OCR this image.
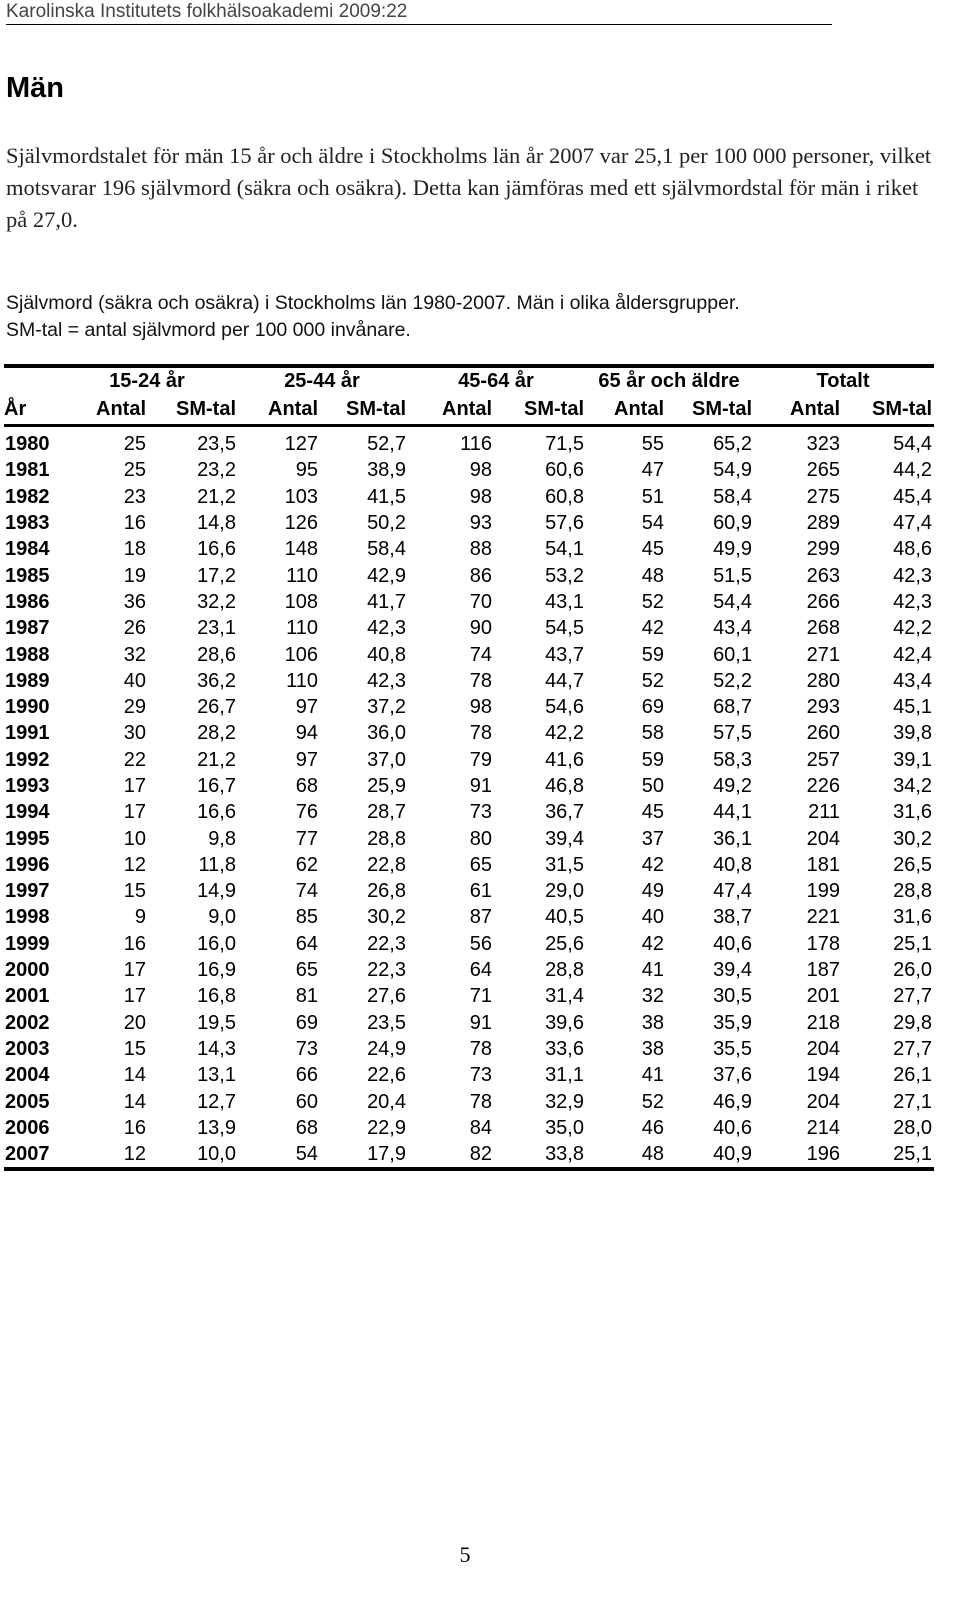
Karolinska Institutets folkhälsoakademi 2009:22
Män

Självmordstalet för män 15 år och äldre i Stockholms län år 2007 var 25,1 per 100 000 personer, vilket motsvarar 196 självmord (säkra och osäkra). Detta kan jämföras med ett självmordstal för män i riket på 27,0.

Självmord (säkra och osäkra) i Stockholms län 1980-2007. Män i olika åldersgrupper.
SM-tal = antal självmord per 100 000 invånare.
	15-24 år		25-44 år		45-64 år		65 år och äldre		Totalt	
År	Antal	SM-tal	Antal	SM-tal	Antal	SM-tal	Antal	SM-tal	Antal	SM-tal
1980	25	23,5	127	52,7	116	71,5	55	65,2	323	54,4
1981	25	23,2	95	38,9	98	60,6	47	54,9	265	44,2
1982	23	21,2	103	41,5	98	60,8	51	58,4	275	45,4
1983	16	14,8	126	50,2	93	57,6	54	60,9	289	47,4
1984	18	16,6	148	58,4	88	54,1	45	49,9	299	48,6
1985	19	17,2	110	42,9	86	53,2	48	51,5	263	42,3
1986	36	32,2	108	41,7	70	43,1	52	54,4	266	42,3
1987	26	23,1	110	42,3	90	54,5	42	43,4	268	42,2
1988	32	28,6	106	40,8	74	43,7	59	60,1	271	42,4
1989	40	36,2	110	42,3	78	44,7	52	52,2	280	43,4
1990	29	26,7	97	37,2	98	54,6	69	68,7	293	45,1
1991	30	28,2	94	36,0	78	42,2	58	57,5	260	39,8
1992	22	21,2	97	37,0	79	41,6	59	58,3	257	39,1
1993	17	16,7	68	25,9	91	46,8	50	49,2	226	34,2
1994	17	16,6	76	28,7	73	36,7	45	44,1	211	31,6
1995	10	9,8	77	28,8	80	39,4	37	36,1	204	30,2
1996	12	11,8	62	22,8	65	31,5	42	40,8	181	26,5
1997	15	14,9	74	26,8	61	29,0	49	47,4	199	28,8
1998	9	9,0	85	30,2	87	40,5	40	38,7	221	31,6
1999	16	16,0	64	22,3	56	25,6	42	40,6	178	25,1
2000	17	16,9	65	22,3	64	28,8	41	39,4	187	26,0
2001	17	16,8	81	27,6	71	31,4	32	30,5	201	27,7
2002	20	19,5	69	23,5	91	39,6	38	35,9	218	29,8
2003	15	14,3	73	24,9	78	33,6	38	35,5	204	27,7
2004	14	13,1	66	22,6	73	31,1	41	37,6	194	26,1
2005	14	12,7	60	20,4	78	32,9	52	46,9	204	27,1
2006	16	13,9	68	22,9	84	35,0	46	40,6	214	28,0
2007	12	10,0	54	17,9	82	33,8	48	40,9	196	25,1
5
